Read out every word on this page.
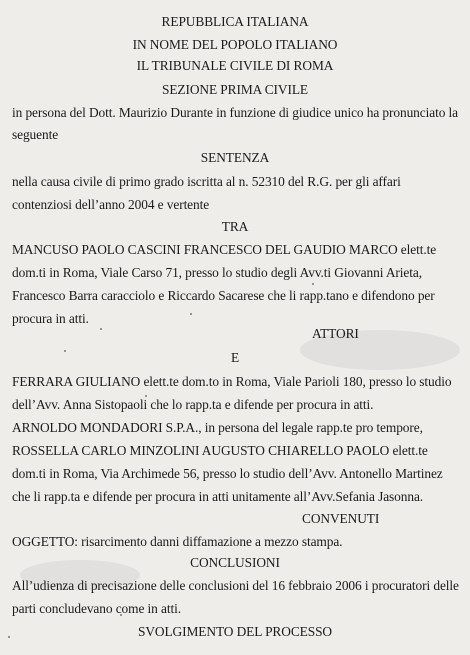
REPUBBLICA ITALIANA
IN NOME DEL POPOLO ITALIANO
IL TRIBUNALE CIVILE DI ROMA
SEZIONE PRIMA CIVILE
in persona del Dott. Maurizio Durante in funzione di giudice unico ha pronunciato la
seguente
SENTENZA
nella causa civile di primo grado iscritta al n. 52310 del R.G. per gli affari
contenziosi dell’anno 2004 e vertente
TRA
MANCUSO PAOLO CASCINI FRANCESCO DEL GAUDIO MARCO elett.te
dom.ti in Roma, Viale Carso 71, presso lo studio degli Avv.ti Giovanni Arieta,
Francesco Barra caracciolo e Riccardo Sacarese che li rapp.tano e difendono per
procura in atti.
ATTORI
E
FERRARA GIULIANO elett.te dom.to in Roma, Viale Parioli 180, presso lo studio
dell’Avv. Anna Sistopaoli che lo rapp.ta e difende per procura in atti.
ARNOLDO MONDADORI S.P.A., in persona del legale rapp.te pro tempore,
ROSSELLA CARLO MINZOLINI AUGUSTO CHIARELLO PAOLO elett.te
dom.ti in Roma, Via Archimede 56, presso lo studio dell’Avv. Antonello Martinez
che li rapp.ta e difende per procura in atti unitamente all’Avv.Sefania Jasonna.
CONVENUTI
OGGETTO: risarcimento danni diffamazione a mezzo stampa.
CONCLUSIONI
All’udienza di precisazione delle conclusioni del 16 febbraio 2006 i procuratori delle
parti concludevano come in atti.
SVOLGIMENTO DEL PROCESSO
